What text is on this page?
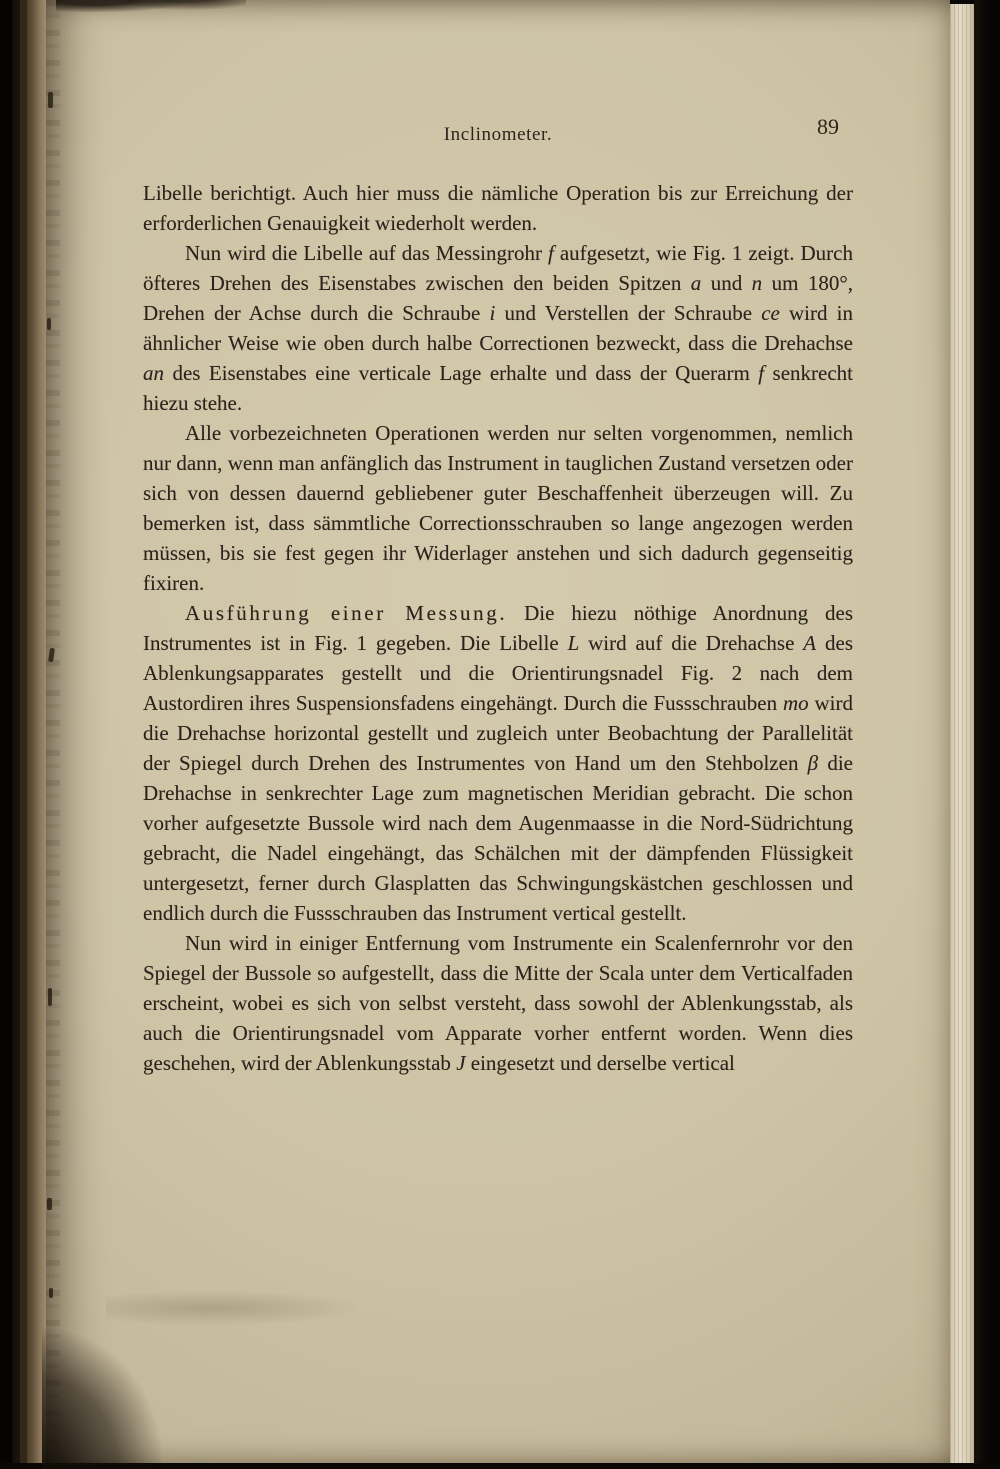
Inclinometer.	89

Libelle berichtigt. Auch hier muss die nämliche Operation bis zur Erreichung der erforderlichen Genauigkeit wiederholt werden.

Nun wird die Libelle auf das Messingrohr f aufgesetzt, wie Fig. 1 zeigt. Durch öfteres Drehen des Eisenstabes zwischen den beiden Spitzen a und n um 180°, Drehen der Achse durch die Schraube i und Verstellen der Schraube ce wird in ähnlicher Weise wie oben durch halbe Correctionen bezweckt, dass die Drehachse an des Eisenstabes eine verticale Lage erhalte und dass der Querarm f senkrecht hiezu stehe.

Alle vorbezeichneten Operationen werden nur selten vorgenommen, nemlich nur dann, wenn man anfänglich das Instrument in tauglichen Zustand versetzen oder sich von dessen dauernd gebliebener guter Beschaffenheit überzeugen will. Zu bemerken ist, dass sämmtliche Correctionsschrauben so lange angezogen werden müssen, bis sie fest gegen ihr Widerlager anstehen und sich dadurch gegenseitig fixiren.

Ausführung einer Messung. Die hiezu nöthige Anordnung des Instrumentes ist in Fig. 1 gegeben. Die Libelle L wird auf die Drehachse A des Ablenkungsapparates gestellt und die Orientirungsnadel Fig. 2 nach dem Austordiren ihres Suspensionsfadens eingehängt. Durch die Fussschrauben mo wird die Drehachse horizontal gestellt und zugleich unter Beobachtung der Parallelität der Spiegel durch Drehen des Instrumentes von Hand um den Stehbolzen β die Drehachse in senkrechter Lage zum magnetischen Meridian gebracht. Die schon vorher aufgesetzte Bussole wird nach dem Augenmaasse in die Nord-Südrichtung gebracht, die Nadel eingehängt, das Schälchen mit der dämpfenden Flüssigkeit untergesetzt, ferner durch Glasplatten das Schwingungskästchen geschlossen und endlich durch die Fussschrauben das Instrument vertical gestellt.

Nun wird in einiger Entfernung vom Instrumente ein Scalenfernrohr vor den Spiegel der Bussole so aufgestellt, dass die Mitte der Scala unter dem Verticalfaden erscheint, wobei es sich von selbst versteht, dass sowohl der Ablenkungsstab, als auch die Orientirungsnadel vom Apparate vorher entfernt worden. Wenn dies geschehen, wird der Ablenkungsstab J eingesetzt und derselbe vertical
